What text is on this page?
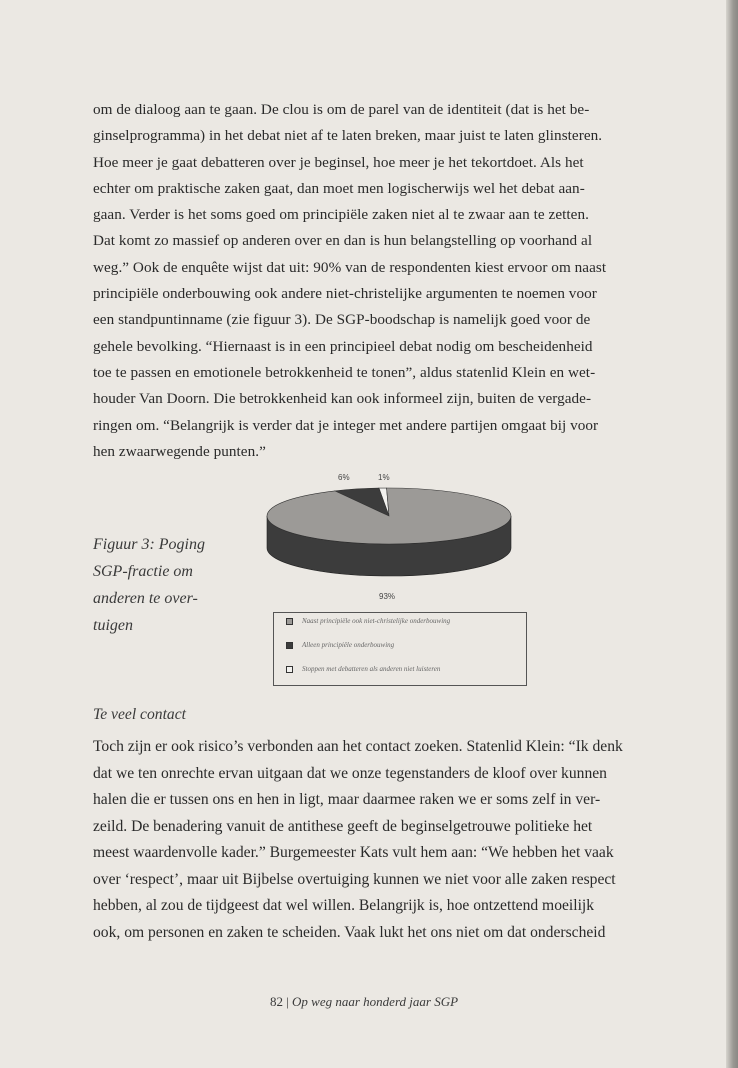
om de dialoog aan te gaan. De clou is om de parel van de identiteit (dat is het be-
ginselprogramma) in het debat niet af te laten breken, maar juist te laten glinsteren.
Hoe meer je gaat debatteren over je beginsel, hoe meer je het tekortdoet. Als het
echter om praktische zaken gaat, dan moet men logischerwijs wel het debat aan-
gaan. Verder is het soms goed om principiële zaken niet al te zwaar aan te zetten.
Dat komt zo massief op anderen over en dan is hun belangstelling op voorhand al
weg.” Ook de enquête wijst dat uit: 90% van de respondenten kiest ervoor om naast
principiële onderbouwing ook andere niet-christelijke argumenten te noemen voor
een standpuntinname (zie figuur 3). De SGP-boodschap is namelijk goed voor de
gehele bevolking. “Hiernaast is in een principieel debat nodig om bescheidenheid
toe te passen en emotionele betrokkenheid te tonen”, aldus statenlid Klein en wet-
houder Van Doorn. Die betrokkenheid kan ook informeel zijn, buiten de vergade-
ringen om. “Belangrijk is verder dat je integer met andere partijen omgaat bij voor
hen zwaarwegende punten.”
Figuur 3: Poging
SGP-fractie om
anderen te over-
tuigen
1%
6%
93%
Naast principiële ook niet-christelijke onderbouwing
Alleen principiële onderbouwing
Stoppen met debatteren als anderen niet luisteren
Te veel contact
Toch zijn er ook risico’s verbonden aan het contact zoeken. Statenlid Klein: “Ik denk
dat we ten onrechte ervan uitgaan dat we onze tegenstanders de kloof over kunnen
halen die er tussen ons en hen in ligt, maar daarmee raken we er soms zelf in ver-
zeild. De benadering vanuit de antithese geeft de beginselgetrouwe politieke het
meest waardenvolle kader.” Burgemeester Kats vult hem aan: “We hebben het vaak
over ‘respect’, maar uit Bijbelse overtuiging kunnen we niet voor alle zaken respect
hebben, al zou de tijdgeest dat wel willen. Belangrijk is, hoe ontzettend moeilijk
ook, om personen en zaken te scheiden. Vaak lukt het ons niet om dat onderscheid
82 | Op weg naar honderd jaar SGP
